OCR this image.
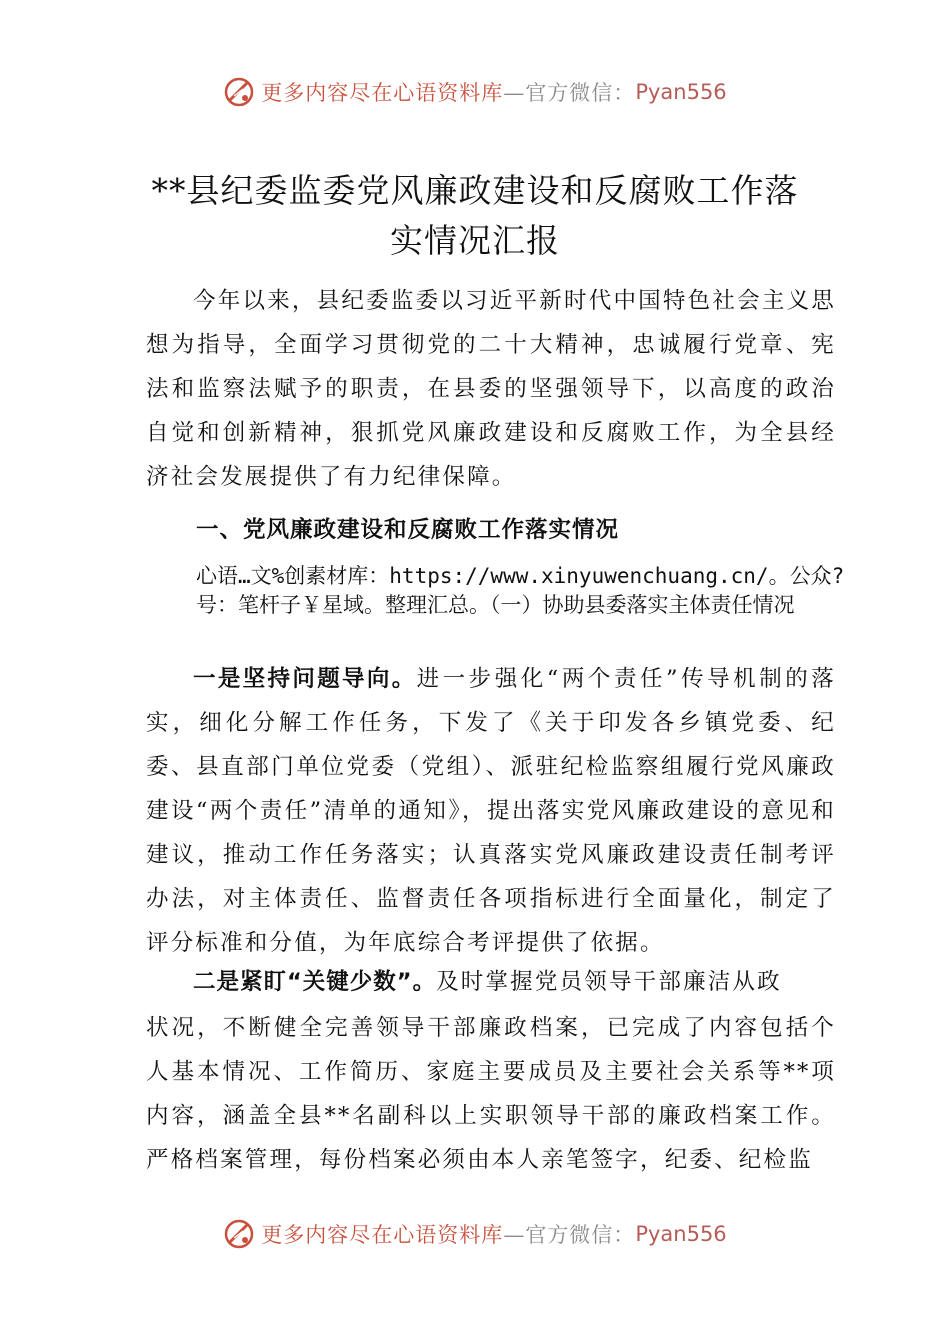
更多内容尽在心语资料库 —官方微信： Pyan556
**县纪委监委党风廉政建设和反腐败工作落
实情况汇报

今年以来，县纪委监委以习近平新时代中国特色社会主义思想为指导，全面学习贯彻党的二十大精神，忠诚履行党章、宪法和监察法赋予的职责，在县委的坚强领导下，以高度的政治自觉和创新精神，狠抓党风廉政建设和反腐败工作，为全县经济社会发展提供了有力纪律保障。

一、党风廉政建设和反腐败工作落实情况

心语…文%创素材库：https://www.xinyuwenchuang.cn/。公众?号：笔杆子￥星域。整理汇总。（一）协助县委落实主体责任情况

一是坚持问题导向。进一步强化“两个责任”传导机制的落实，细化分解工作任务，下发了《关于印发各乡镇党委、纪委、县直部门单位党委（党组）、派驻纪检监察组履行党风廉政建设“两个责任”清单的通知》，提出落实党风廉政建设的意见和建议，推动工作任务落实；认真落实党风廉政建设责任制考评办法，对主体责任、监督责任各项指标进行全面量化，制定了评分标准和分值，为年底综合考评提供了依据。

二是紧盯“关键少数”。及时掌握党员领导干部廉洁从政

状况，不断健全完善领导干部廉政档案，已完成了内容包括个人基本情况、工作简历、家庭主要成员及主要社会关系等**项内容，涵盖全县**名副科以上实职领导干部的廉政档案工作。严格档案管理，每份档案必须由本人亲笔签字，纪委、纪检监

更多内容尽在心语资料库 —官方微信： Pyan556
